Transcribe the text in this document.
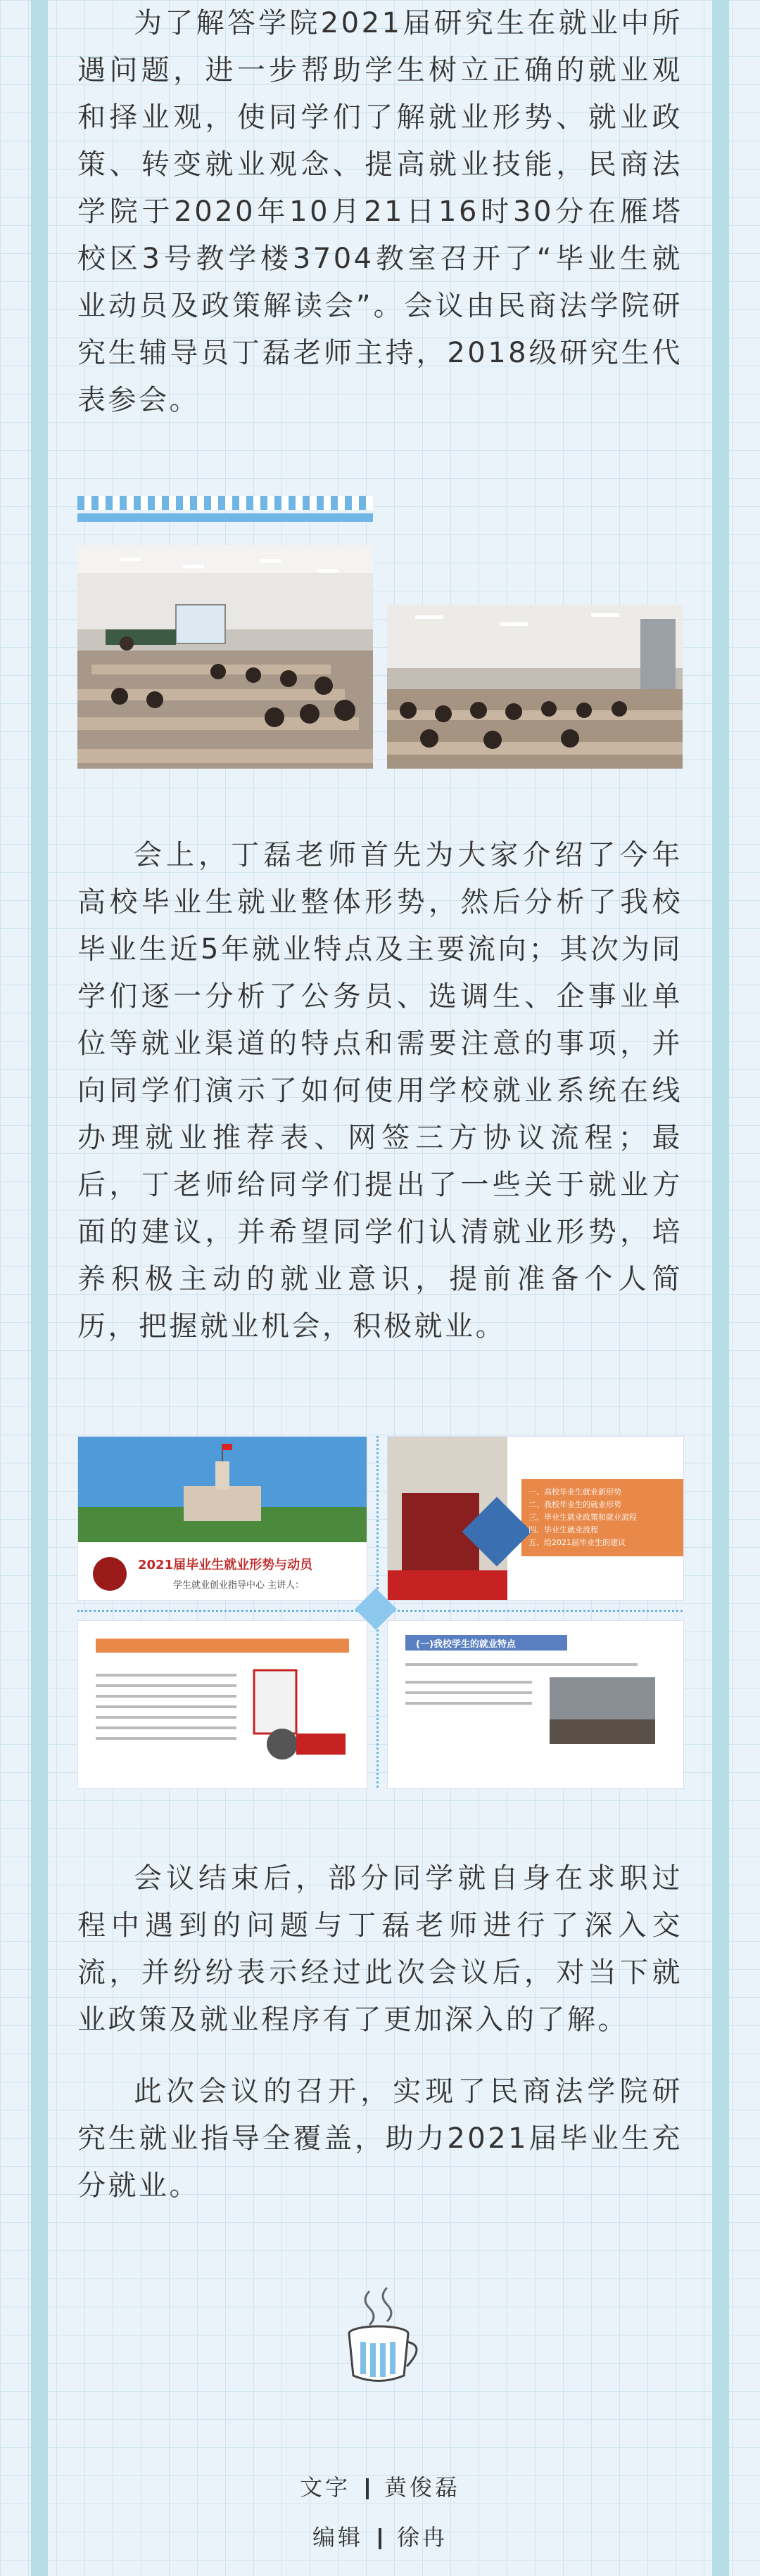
为了解答学院2021届研究生在就业中所遇问题，进一步帮助学生树立正确的就业观和择业观，使同学们了解就业形势、就业政策、转变就业观念、提高就业技能，民商法学院于2020年10月21日16时30分在雁塔校区3号教学楼3704教室召开了“毕业生就业动员及政策解读会”。会议由民商法学院研究生辅导员丁磊老师主持，2018级研究生代表参会。

会上，丁磊老师首先为大家介绍了今年高校毕业生就业整体形势，然后分析了我校毕业生近5年就业特点及主要流向；其次为同学们逐一分析了公务员、选调生、企事业单位等就业渠道的特点和需要注意的事项，并向同学们演示了如何使用学校就业系统在线办理就业推荐表、网签三方协议流程；最后，丁老师给同学们提出了一些关于就业方面的建议，并希望同学们认清就业形势，培养积极主动的就业意识，提前准备个人简历，把握就业机会，积极就业。

2021届毕业生就业形势与动员
学生就业创业指导中心 主讲人：
一、高校毕业生就业新形势
二、我校毕业生的就业形势
三、毕业生就业政策和就业流程
四、毕业生就业流程
五、给2021届毕业生的建议
(一)我校学生的就业特点

会议结束后，部分同学就自身在求职过程中遇到的问题与丁磊老师进行了深入交流，并纷纷表示经过此次会议后，对当下就业政策及就业程序有了更加深入的了解。

此次会议的召开，实现了民商法学院研究生就业指导全覆盖，助力2021届毕业生充分就业。

文字 黄俊磊
编辑 徐冉
